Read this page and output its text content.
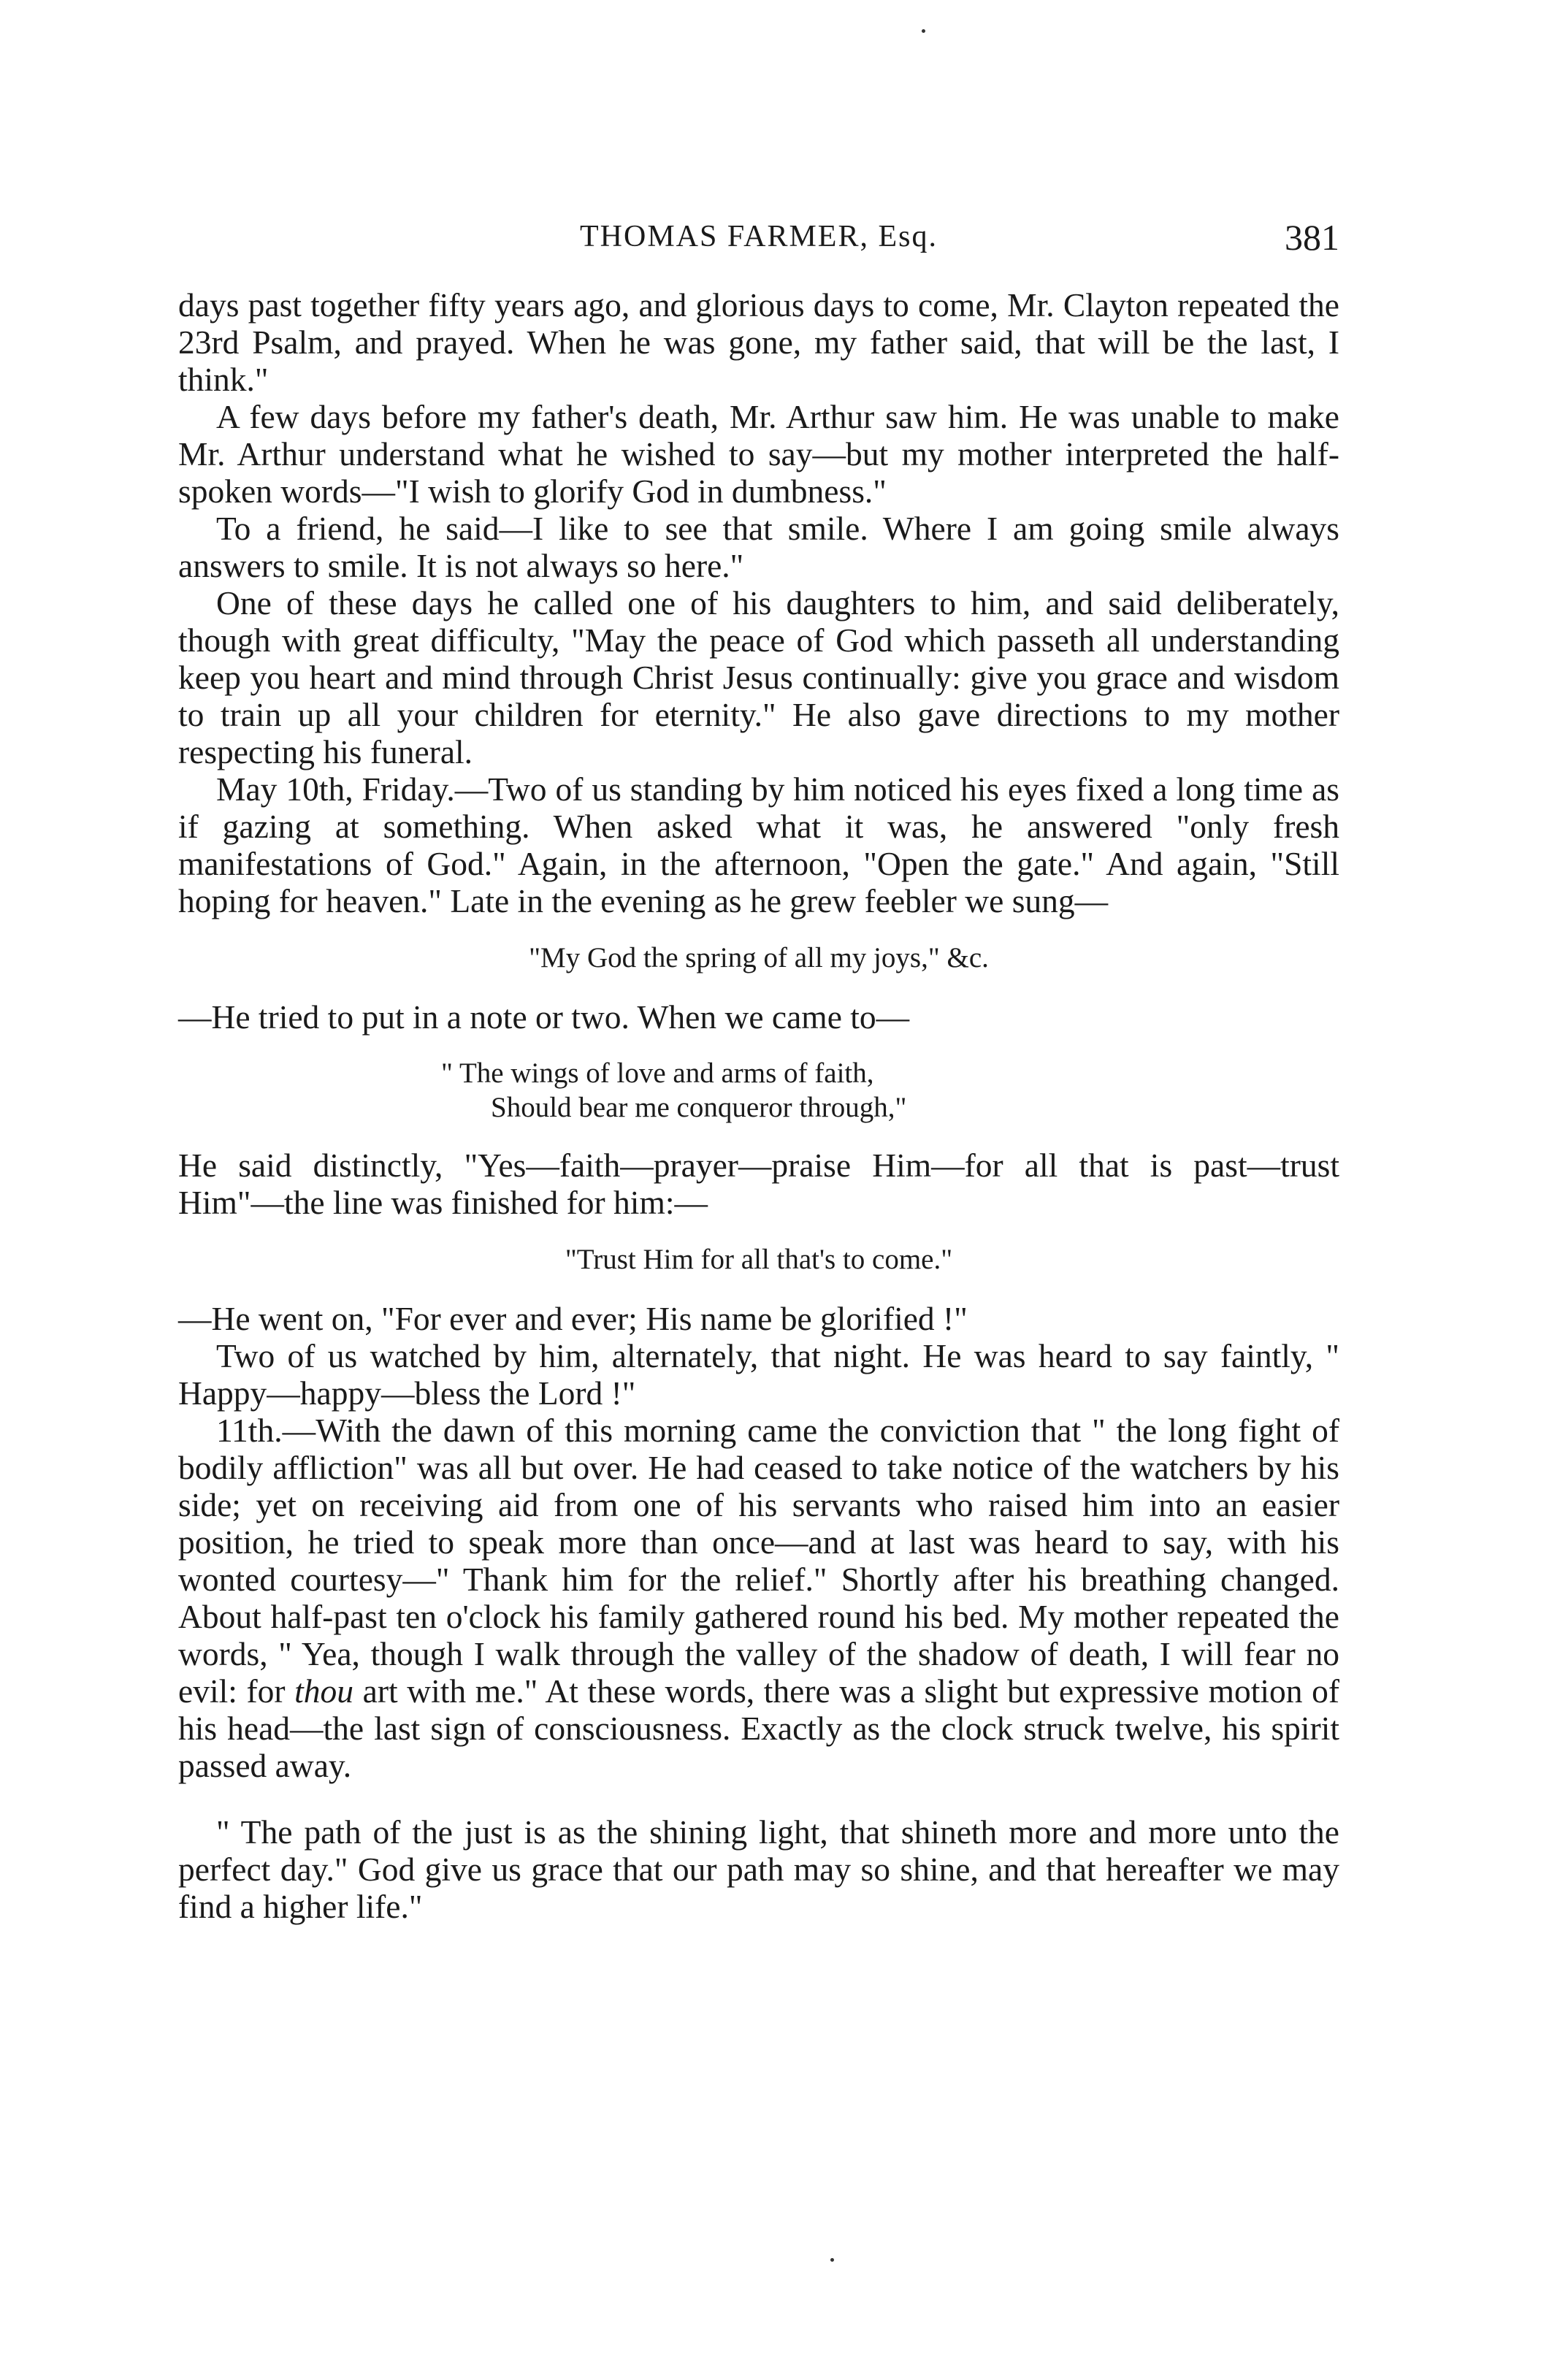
THOMAS FARMER, Esq.	381

days past together fifty years ago, and glorious days to come, Mr. Clayton repeated the 23rd Psalm, and prayed. When he was gone, my father said, that will be the last, I think."

A few days before my father's death, Mr. Arthur saw him. He was unable to make Mr. Arthur understand what he wished to say—but my mother interpreted the half-spoken words—"I wish to glorify God in dumbness."

To a friend, he said—I like to see that smile. Where I am going smile always answers to smile. It is not always so here."

One of these days he called one of his daughters to him, and said deliberately, though with great difficulty, "May the peace of God which passeth all understanding keep you heart and mind through Christ Jesus continually: give you grace and wisdom to train up all your children for eternity." He also gave directions to my mother respecting his funeral.

May 10th, Friday.—Two of us standing by him noticed his eyes fixed a long time as if gazing at something. When asked what it was, he answered "only fresh manifestations of God." Again, in the afternoon, "Open the gate." And again, "Still hoping for heaven." Late in the evening as he grew feebler we sung—

"My God the spring of all my joys," &c.

—He tried to put in a note or two. When we came to—

" The wings of love and arms of faith,
Should bear me conqueror through,"

He said distinctly, "Yes—faith—prayer—praise Him—for all that is past—trust Him"—the line was finished for him:—

"Trust Him for all that's to come."

—He went on, "For ever and ever; His name be glorified !"

Two of us watched by him, alternately, that night. He was heard to say faintly, " Happy—happy—bless the Lord !"

11th.—With the dawn of this morning came the conviction that " the long fight of bodily affliction" was all but over. He had ceased to take notice of the watchers by his side; yet on receiving aid from one of his servants who raised him into an easier position, he tried to speak more than once—and at last was heard to say, with his wonted courtesy—" Thank him for the relief." Shortly after his breathing changed. About half-past ten o'clock his family gathered round his bed. My mother repeated the words, " Yea, though I walk through the valley of the shadow of death, I will fear no evil: for thou art with me." At these words, there was a slight but expressive motion of his head—the last sign of consciousness. Exactly as the clock struck twelve, his spirit passed away.

" The path of the just is as the shining light, that shineth more and more unto the perfect day." God give us grace that our path may so shine, and that hereafter we may find a higher life."
